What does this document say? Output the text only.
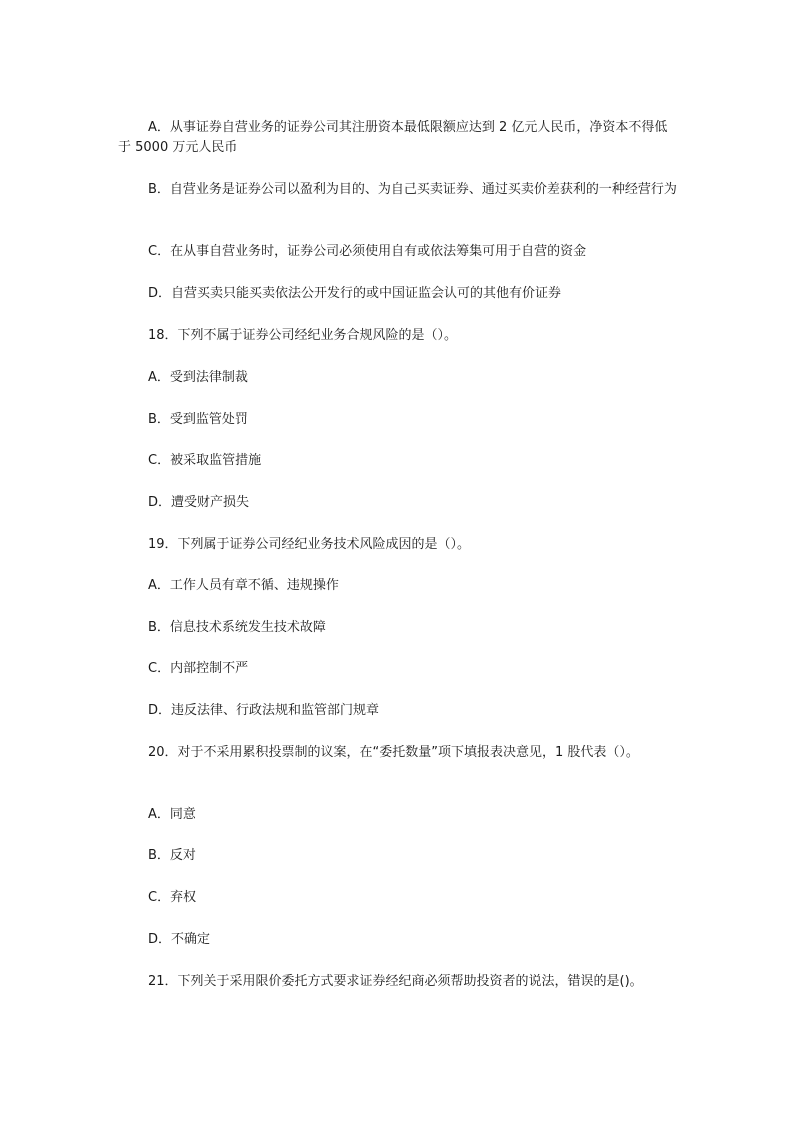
A．从事证券自营业务的证券公司其注册资本最低限额应达到 2 亿元人民币，净资本不得低于 5000 万元人民币

B．自营业务是证券公司以盈利为目的、为自己买卖证券、通过买卖价差获利的一种经营行为

C．在从事自营业务时，证券公司必须使用自有或依法筹集可用于自营的资金

D．自营买卖只能买卖依法公开发行的或中国证监会认可的其他有价证券

18．下列不属于证券公司经纪业务合规风险的是（）。

A．受到法律制裁

B．受到监管处罚

C．被采取监管措施

D．遭受财产损失

19．下列属于证券公司经纪业务技术风险成因的是（）。

A．工作人员有章不循、违规操作

B．信息技术系统发生技术故障

C．内部控制不严

D．违反法律、行政法规和监管部门规章

20．对于不采用累积投票制的议案，在“委托数量”项下填报表决意见，1 股代表（）。

A．同意

B．反对

C．弃权

D．不确定

21．下列关于采用限价委托方式要求证券经纪商必须帮助投资者的说法，错误的是()。
